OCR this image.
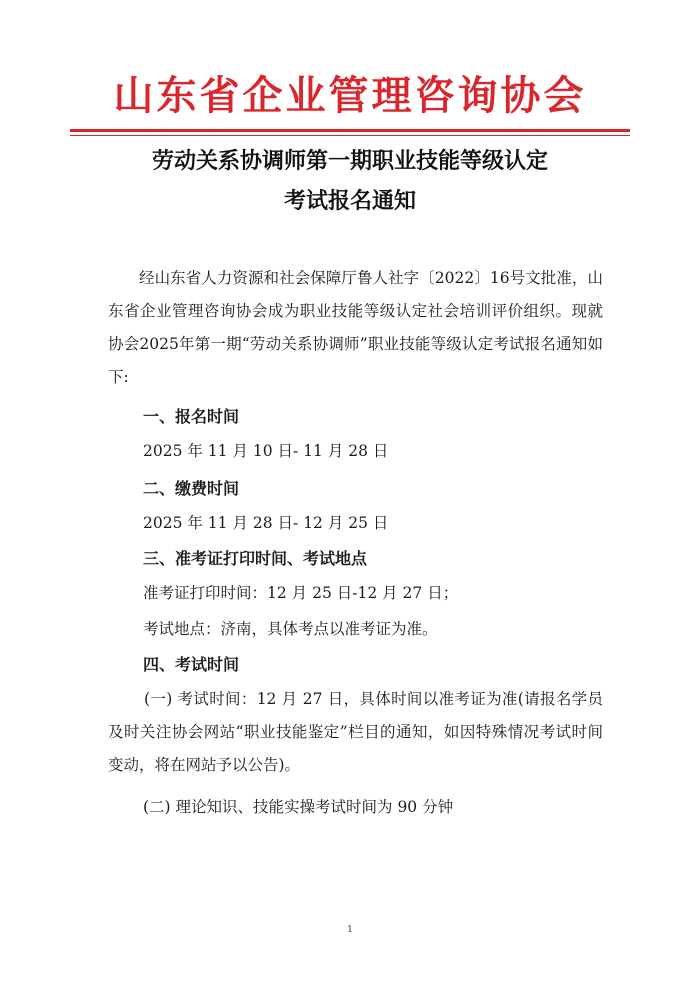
山东省企业管理咨询协会
劳动关系协调师第一期职业技能等级认定
考试报名通知

经山东省人力资源和社会保障厅鲁人社字〔2022〕16号文批准，山东省企业管理咨询协会成为职业技能等级认定社会培训评价组织。现就协会2025年第一期“劳动关系协调师”职业技能等级认定考试报名通知如下:

一、报名时间

2025 年 11 月 10 日- 11 月 28 日

二、缴费时间

2025 年 11 月 28 日- 12 月 25 日

三、准考证打印时间、考试地点

准考证打印时间：12 月 25 日-12 月 27 日；

考试地点：济南，具体考点以准考证为准。

四、考试时间

(一) 考试时间：12 月 27 日，具体时间以准考证为准(请报名学员及时关注协会网站“职业技能鉴定”栏目的通知，如因特殊情况考试时间变动，将在网站予以公告)。

(二) 理论知识、技能实操考试时间为 90 分钟

1
